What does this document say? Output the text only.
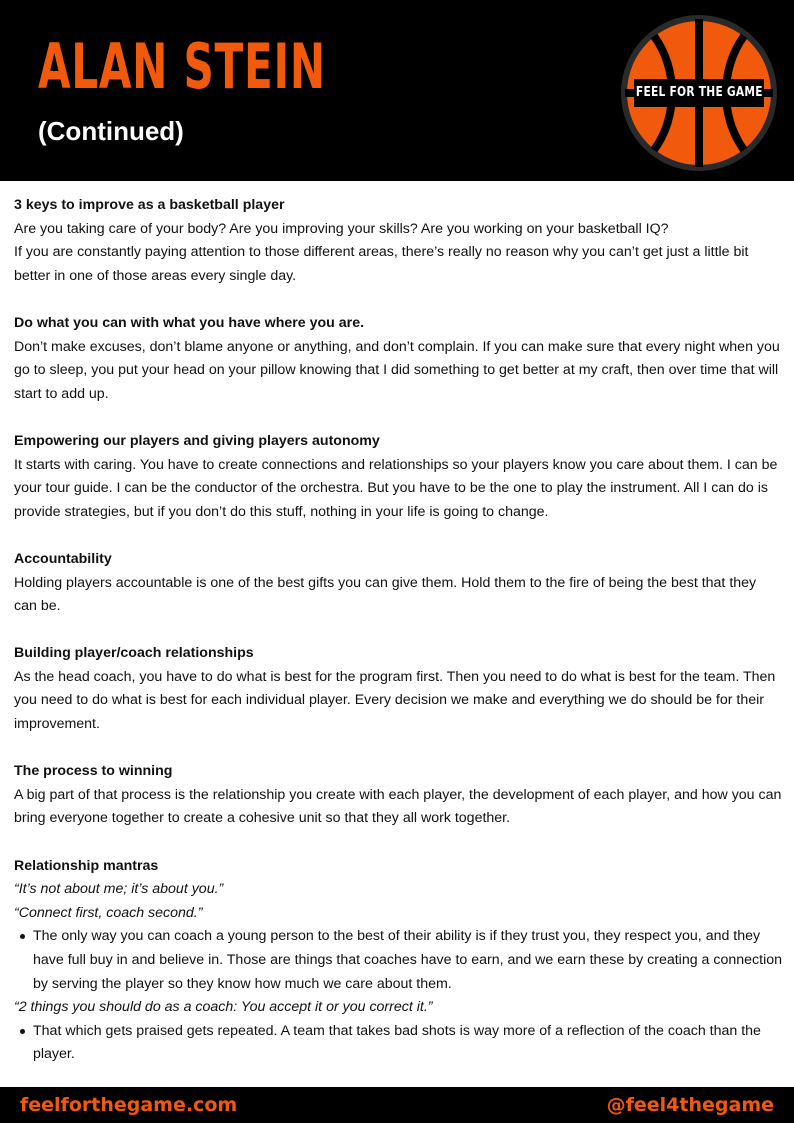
ALAN STEIN
(Continued)
FEEL FOR THE GAME
3 keys to improve as a basketball player

Are you taking care of your body? Are you improving your skills? Are you working on your basketball IQ?

If you are constantly paying attention to those different areas, there’s really no reason why you can’t get just a little bit better in one of those areas every single day.

Do what you can with what you have where you are.

Don’t make excuses, don’t blame anyone or anything, and don’t complain. If you can make sure that every night when you go to sleep, you put your head on your pillow knowing that I did something to get better at my craft, then over time that will start to add up.

Empowering our players and giving players autonomy

It starts with caring. You have to create connections and relationships so your players know you care about them. I can be your tour guide. I can be the conductor of the orchestra. But you have to be the one to play the instrument. All I can do is provide strategies, but if you don’t do this stuff, nothing in your life is going to change.

Accountability

Holding players accountable is one of the best gifts you can give them. Hold them to the fire of being the best that they can be.

Building player/coach relationships

As the head coach, you have to do what is best for the program first. Then you need to do what is best for the team. Then you need to do what is best for each individual player. Every decision we make and everything we do should be for their improvement.

The process to winning

A big part of that process is the relationship you create with each player, the development of each player, and how you can bring everyone together to create a cohesive unit so that they all work together.

Relationship mantras

“It’s not about me; it’s about you.”

“Connect first, coach second.”

The only way you can coach a young person to the best of their ability is if they trust you, they respect you, and they have full buy in and believe in. Those are things that coaches have to earn, and we earn these by creating a connection by serving the player so they know how much we care about them.

“2 things you should do as a coach: You accept it or you correct it.”

That which gets praised gets repeated. A team that takes bad shots is way more of a reflection of the coach than the player.
feelforthegame.com	@feel4thegame
